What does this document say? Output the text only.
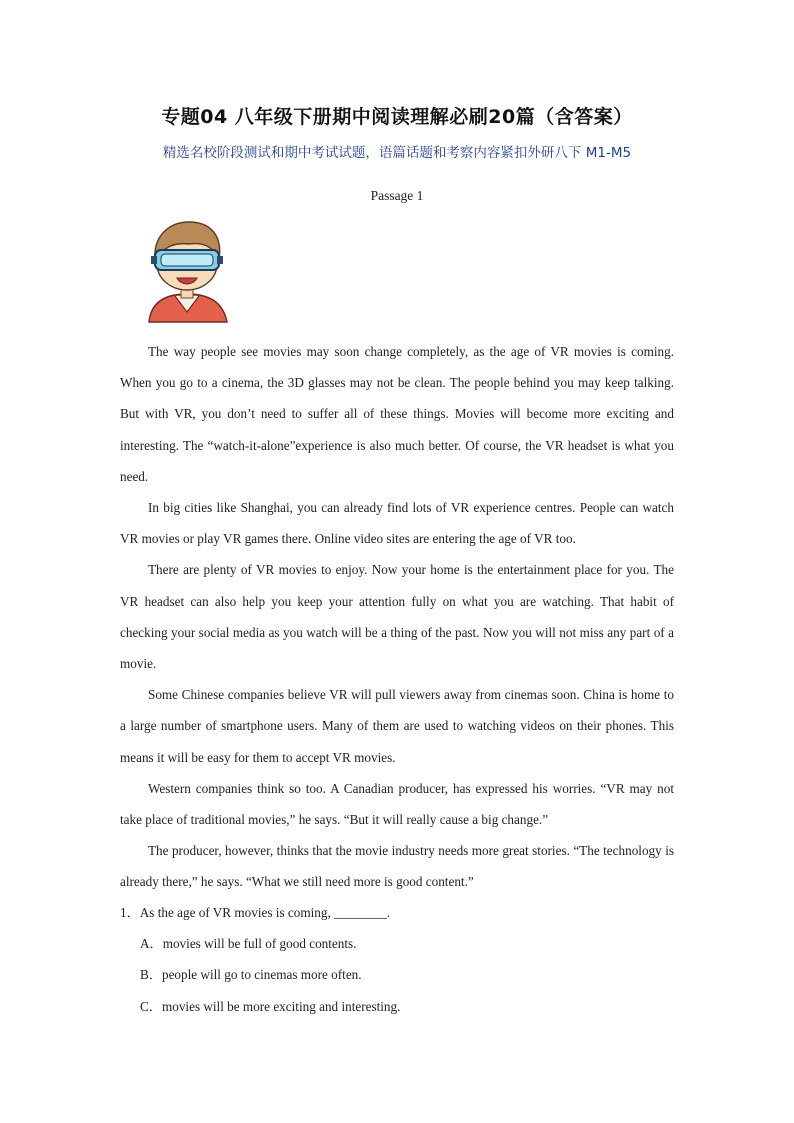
专题04 八年级下册期中阅读理解必刷20篇（含答案）
精选名校阶段测试和期中考试试题，语篇话题和考察内容紧扣外研八下 M1-M5
Passage 1

The way people see movies may soon change completely, as the age of VR movies is coming. When you go to a cinema, the 3D glasses may not be clean. The people behind you may keep talking. But with VR, you don’t need to suffer all of these things. Movies will become more exciting and interesting. The “watch-it-alone”experience is also much better. Of course, the VR headset is what you need.

In big cities like Shanghai, you can already find lots of VR experience centres. People can watch VR movies or play VR games there. Online video sites are entering the age of VR too.

There are plenty of VR movies to enjoy. Now your home is the entertainment place for you. The VR headset can also help you keep your attention fully on what you are watching. That habit of checking your social media as you watch will be a thing of the past. Now you will not miss any part of a movie.

Some Chinese companies believe VR will pull viewers away from cinemas soon. China is home to a large number of smartphone users. Many of them are used to watching videos on their phones. This means it will be easy for them to accept VR movies.

Western companies think so too. A Canadian producer, has expressed his worries. “VR may not take place of traditional movies,” he says. “But it will really cause a big change.”

The producer, however, thinks that the movie industry needs more great stories. “The technology is already there,” he says. “What we still need more is good content.”

1．As the age of VR movies is coming, ________.

A．movies will be full of good contents.

B．people will go to cinemas more often.

C．movies will be more exciting and interesting.
